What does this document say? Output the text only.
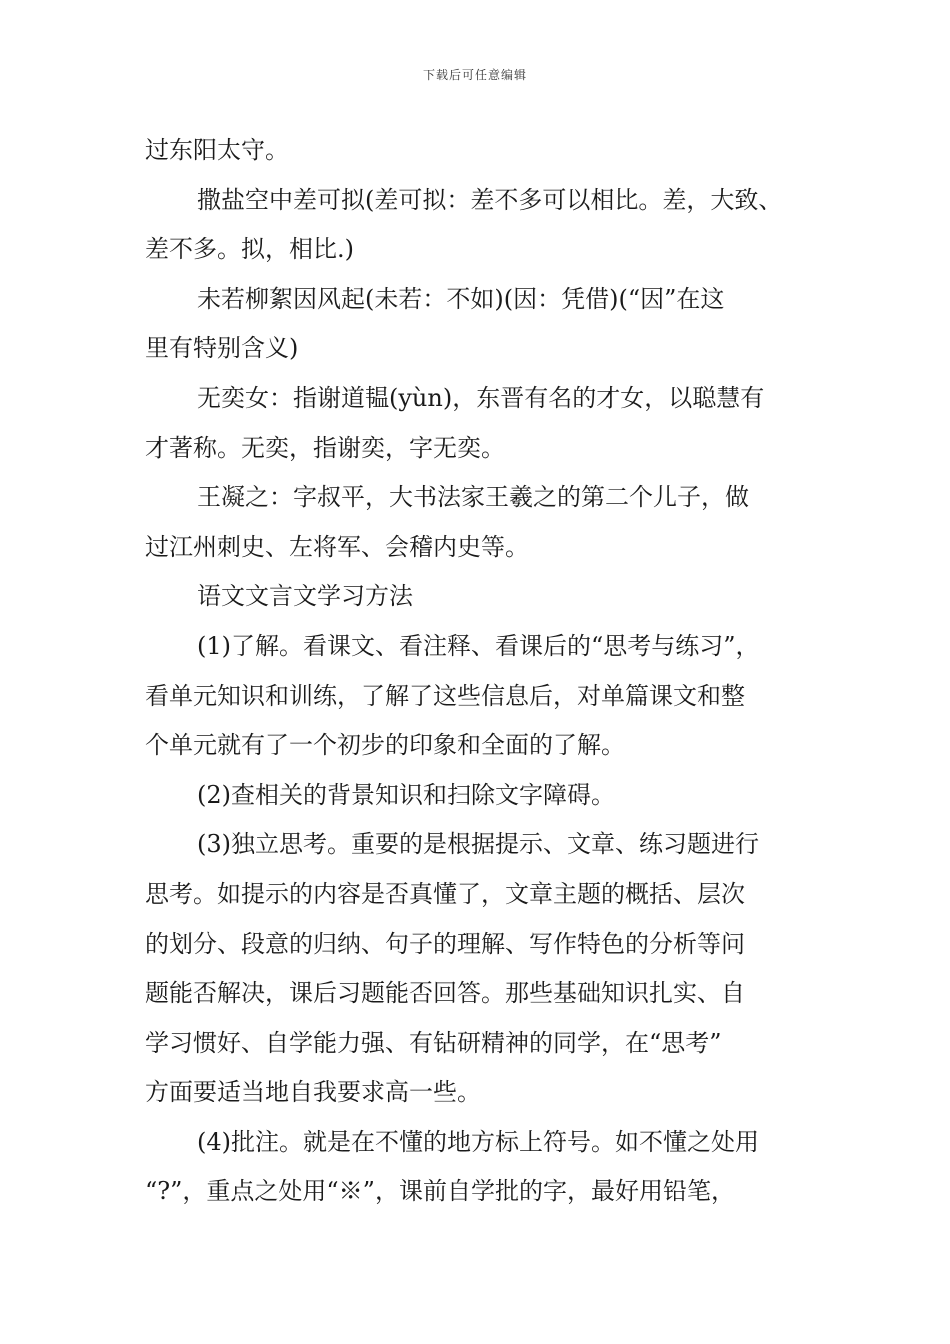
下载后可任意编辑
过东阳太守。
撒盐空中差可拟(差可拟：差不多可以相比。差，大致、
差不多。拟，相比.)
未若柳絮因风起(未若：不如)(因：凭借)(“因”在这
里有特别含义)
无奕女：指谢道韫(yùn)，东晋有名的才女，以聪慧有
才著称。无奕，指谢奕，字无奕。
王凝之：字叔平，大书法家王羲之的第二个儿子，做
过江州刺史、左将军、会稽内史等。
语文文言文学习方法
(1)了解。看课文、看注释、看课后的“思考与练习”，
看单元知识和训练，了解了这些信息后，对单篇课文和整
个单元就有了一个初步的印象和全面的了解。
(2)查相关的背景知识和扫除文字障碍。
(3)独立思考。重要的是根据提示、文章、练习题进行
思考。如提示的内容是否真懂了，文章主题的概括、层次
的划分、段意的归纳、句子的理解、写作特色的分析等问
题能否解决，课后习题能否回答。那些基础知识扎实、自
学习惯好、自学能力强、有钻研精神的同学，在“思考”
方面要适当地自我要求高一些。
(4)批注。就是在不懂的地方标上符号。如不懂之处用
“?”，重点之处用“※”，课前自学批的字，最好用铅笔，
